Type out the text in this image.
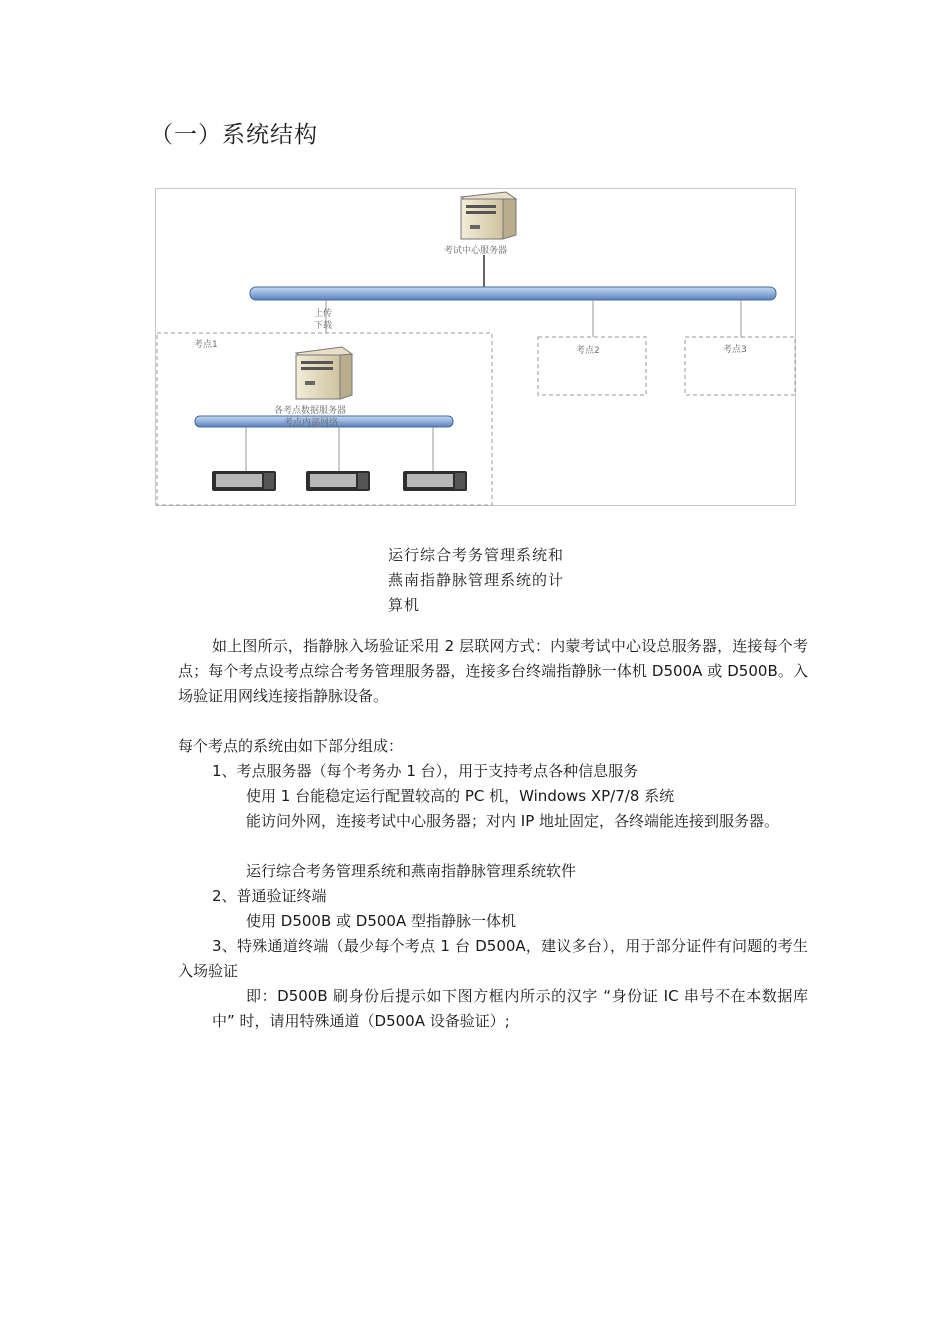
（一）系统结构
考试中心服务器
上传
下载
考点1
考点2	考点3
各考点数据服务器
考点内部网络
运行综合考务管理系统和
燕南指静脉管理系统的计
算机
如上图所示，指静脉入场验证采用 2 层联网方式：内蒙考试中心设总服务器，连接每个考点；每个考点设考点综合考务管理服务器，连接多台终端指静脉一体机 D500A 或 D500B。入场验证用网线连接指静脉设备。
每个考点的系统由如下部分组成：
1、考点服务器（每个考务办 1 台），用于支持考点各种信息服务
使用 1 台能稳定运行配置较高的 PC 机，Windows XP/7/8 系统
能访问外网，连接考试中心服务器；对内 IP 地址固定，各终端能连接到服务器。
运行综合考务管理系统和燕南指静脉管理系统软件
2、普通验证终端
使用 D500B 或 D500A 型指静脉一体机
3、特殊通道终端（最少每个考点 1 台 D500A，建议多台），用于部分证件有问题的考生入场验证
即：D500B 刷身份后提示如下图方框内所示的汉字 “身份证 IC 串号不在本数据库中” 时，请用特殊通道（D500A 设备验证）;
